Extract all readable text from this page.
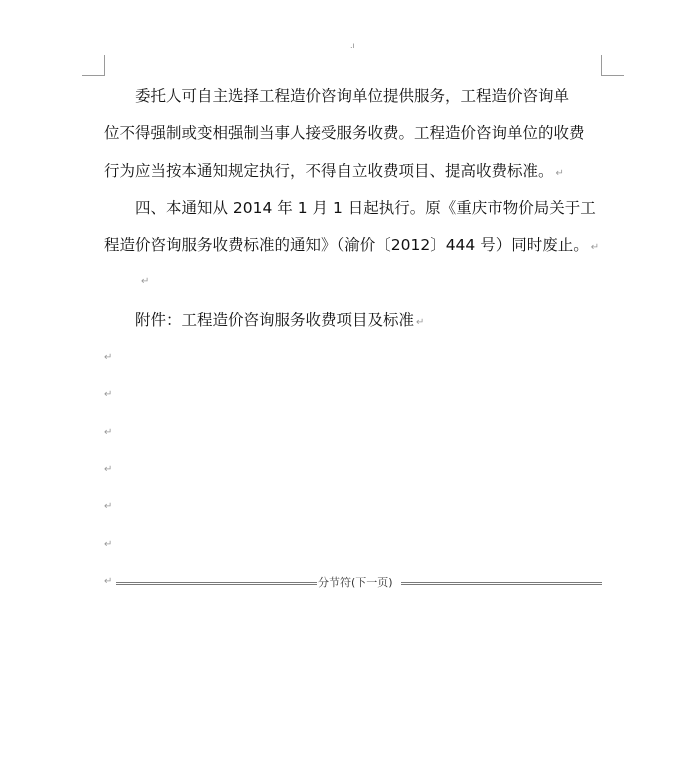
.ı
　　委托人可自主选择工程造价咨询单位提供服务，工程造价咨询单
位不得强制或变相强制当事人接受服务收费。工程造价咨询单位的收费
行为应当按本通知规定执行，不得自立收费项目、提高收费标准。 ↵
　　四、本通知从 2014 年 1 月 1 日起执行。原《重庆市物价局关于工
程造价咨询服务收费标准的通知》（渝价〔2012〕444 号）同时废止。 ↵
↵
　　附件：工程造价咨询服务收费项目及标准 ↵
↵
↵
↵
↵
↵
↵
↵	分节符(下一页)
